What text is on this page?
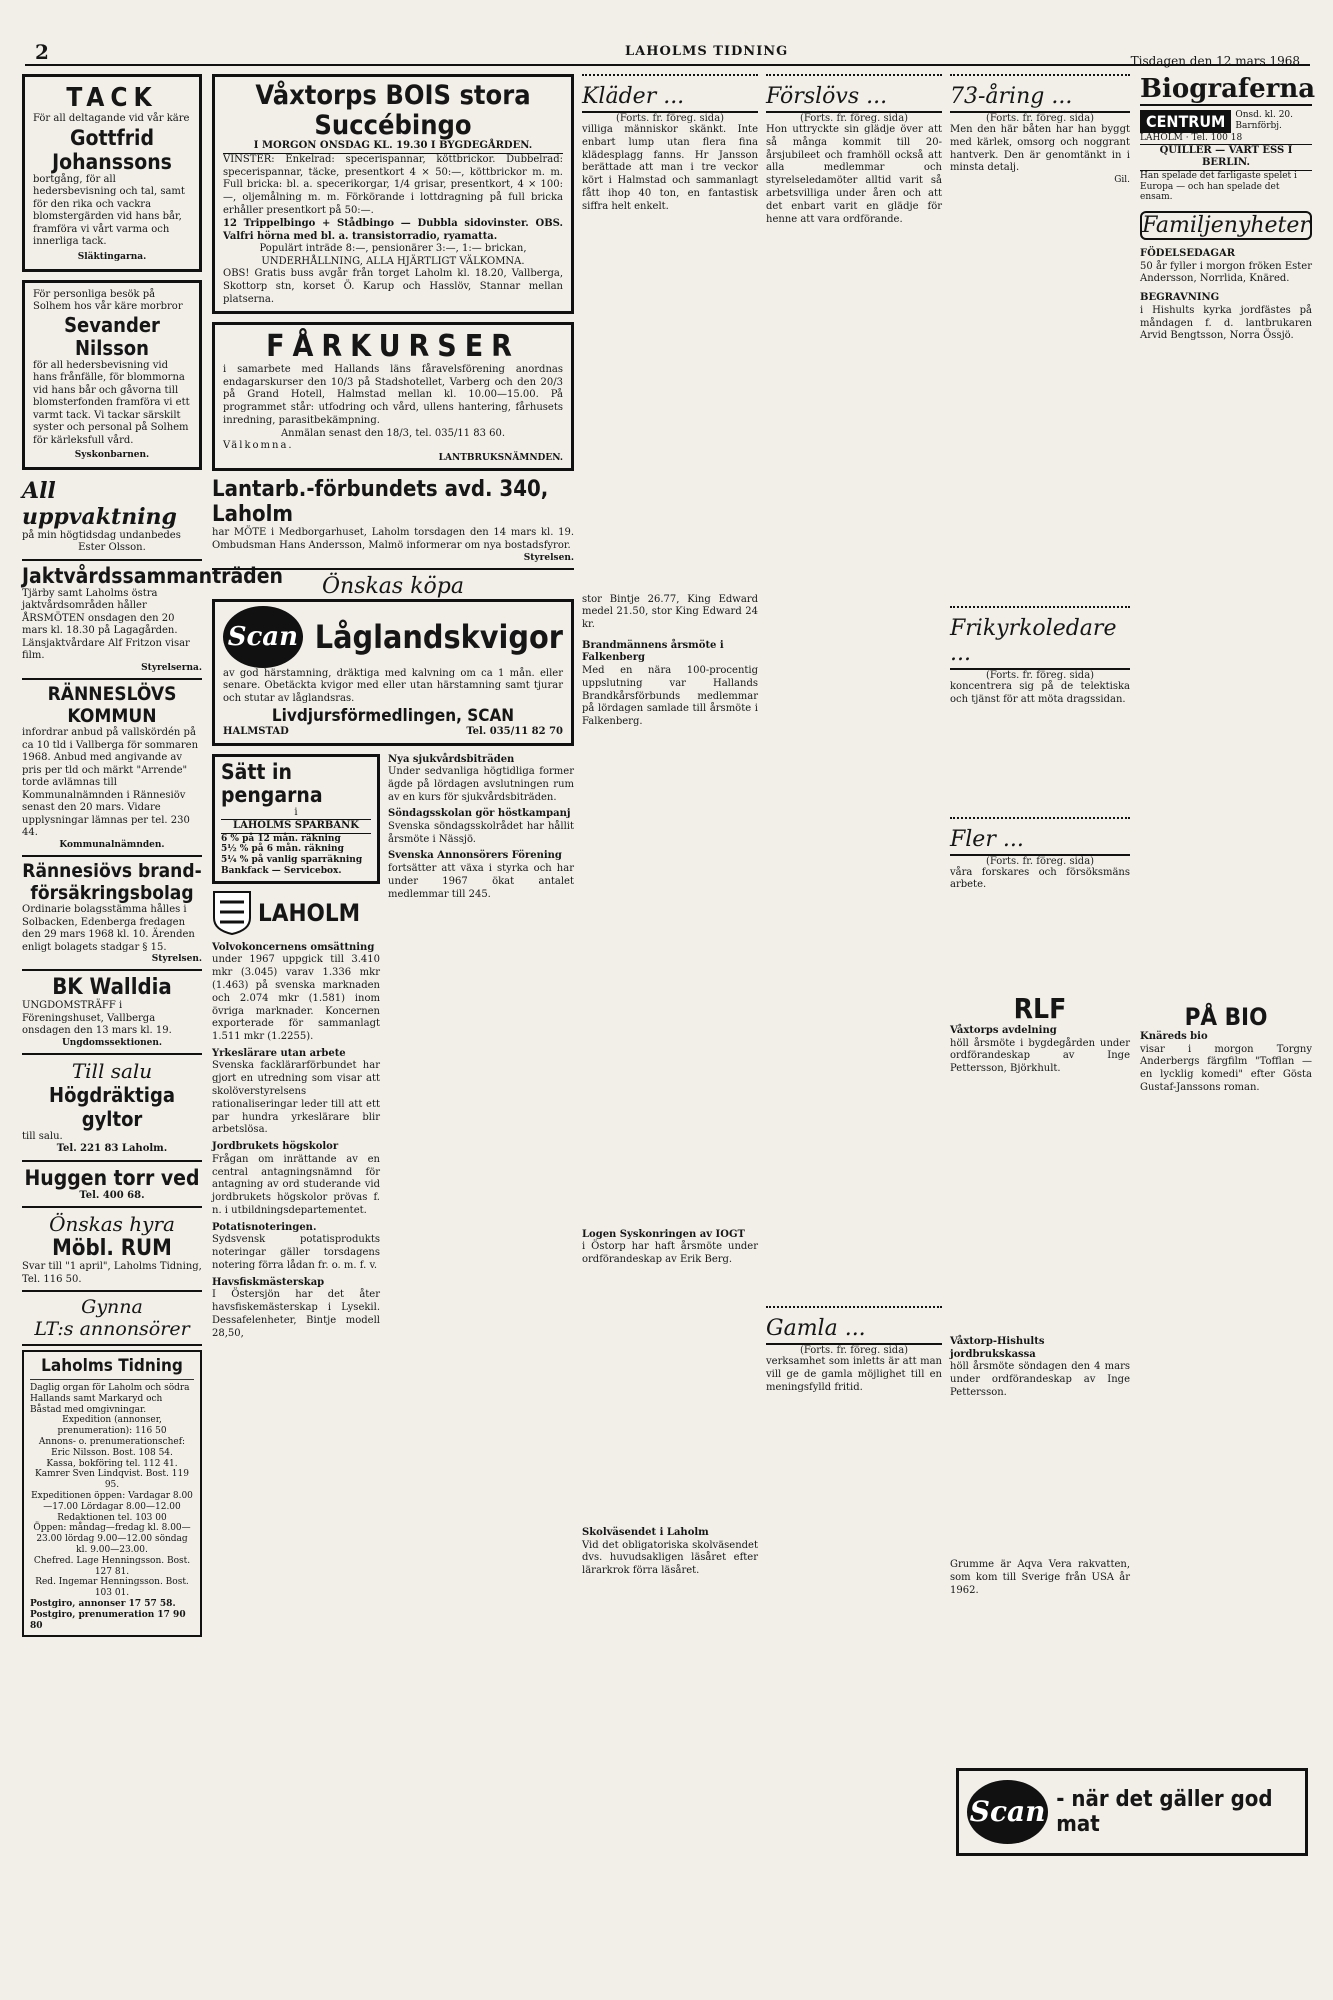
2	LAHOLMS TIDNING
Tisdagen den 12 mars 1968
TACK
För all deltagande vid vår käre
Gottfrid Johanssons
bortgång, för all hedersbevisning och tal, samt för den rika och vackra blomstergärden vid hans bår, framföra vi vårt varma och innerliga tack.
Släktingarna.
För personliga besök på Solhem hos vår käre morbror
Sevander Nilsson
för all hedersbevisning vid hans frånfälle, för blommorna vid hans bår och gåvorna till blomsterfonden framföra vi ett varmt tack. Vi tackar särskilt syster och personal på Solhem för kärleksfull vård.
Syskonbarnen.
All uppvaktning
på min högtidsdag undanbedes
Ester Olsson.
Jaktvårdssammanträden
Tjärby samt Laholms östra jaktvårdsområden håller ÅRSMÖTEN onsdagen den 20 mars kl. 18.30 på Lagagården. Länsjaktvårdare Alf Fritzon visar film.
Styrelserna.
RÄNNESLÖVS KOMMUN
infordrar anbud på vallskördén på ca 10 tld i Vallberga för sommaren 1968. Anbud med angivande av pris per tld och märkt "Arrende" torde avlämnas till Kommunalnämnden i Rännesiöv senast den 20 mars. Vidare upplysningar lämnas per tel. 230 44.
Kommunalnämnden.
Rännesiövs brand-försäkringsbolag
Ordinarie bolagsstämma hålles i Solbacken, Edenberga fredagen den 29 mars 1968 kl. 10. Ärenden enligt bolagets stadgar § 15.
Styrelsen.
BK Walldia
UNGDOMSTRÄFF i Föreningshuset, Vallberga onsdagen den 13 mars kl. 19.
Ungdomssektionen.
Till salu
Högdräktiga gyltor
till salu.
Tel. 221 83 Laholm.
Huggen torr ved
Tel. 400 68.
Önskas hyra
Möbl. RUM
Svar till "1 april", Laholms Tidning, Tel. 116 50.
Gynna
LT:s annonsörer
Laholms Tidning
Daglig organ för Laholm och södra Hallands samt Markaryd och Båstad med omgivningar.
Expedition (annonser, prenumeration): 116 50
Annons- o. prenumerationschef: Eric Nilsson. Bost. 108 54.
Kassa, bokföring tel. 112 41.
Kamrer Sven Lindqvist. Bost. 119 95.
Expeditionen öppen: Vardagar 8.00—17.00 Lördagar 8.00—12.00
Redaktionen tel. 103 00
Öppen: måndag—fredag kl. 8.00—23.00 lördag 9.00—12.00 söndag kl. 9.00—23.00.
Chefred. Lage Henningsson. Bost. 127 81.
Red. Ingemar Henningsson. Bost. 103 01.
Postgiro, annonser 17 57 58. Postgiro, prenumeration 17 90 80
Våxtorps BOIS stora Succébingo
I MORGON ONSDAG KL. 19.30 I BYGDEGÅRDEN.
VINSTER: Enkelrad: specerispannar, köttbrickor. Dubbelrad: specerispannar, täcke, presentkort 4 × 50:—, köttbrickor m. m. Full bricka: bl. a. specerikorgar, 1/4 grisar, presentkort, 4 × 100:—, oljemålning m. m. Förkörande i lottdragning på full bricka erhåller presentkort på 50:—.
12 Trippelbingo + Stådbingo — Dubbla sidovinster. OBS. Valfri hörna med bl. a. transistorradio, ryamatta.
Populärt inträde 8:—, pensionärer 3:—, 1:— brickan, UNDERHÅLLNING, ALLA HJÄRTLIGT VÄLKOMNA.
OBS! Gratis buss avgår från torget Laholm kl. 18.20, Vallberga, Skottorp stn, korset Ö. Karup och Hasslöv, Stannar mellan platserna.
FÅRKURSER
i samarbete med Hallands läns fåravelsförening anordnas endagarskurser den 10/3 på Stadshotellet, Varberg och den 20/3 på Grand Hotell, Halmstad mellan kl. 10.00—15.00. På programmet står: utfodring och vård, ullens hantering, fårhusets inredning, parasitbekämpning.
Anmälan senast den 18/3, tel. 035/11 83 60.
Välkomna.
LANTBRUKSNÄMNDEN.
Lantarb.-förbundets avd. 340, Laholm
har MÖTE i Medborgarhuset, Laholm torsdagen den 14 mars kl. 19. Ombudsman Hans Andersson, Malmö informerar om nya bostadsfyror.
Styrelsen.
Önskas köpa
Scan Låglandskvigor
av god härstamning, dräktiga med kalvning om ca 1 mån. eller senare. Obetäckta kvigor med eller utan härstamning samt tjurar och stutar av låglandsras.
Livdjursförmedlingen, SCAN
HALMSTAD	Tel. 035/11 82 70
Sätt in pengarna
i
LAHOLMS SPARBANK
6 % på 12 mån. räkning
5½ % på 6 mån. räkning
5¼ % på vanlig sparräkning
Bankfack — Servicebox.
LAHOLM
Volvokoncernens omsättning
under 1967 uppgick till 3.410 mkr (3.045) varav 1.336 mkr (1.463) på svenska marknaden och 2.074 mkr (1.581) inom övriga marknader. Koncernen exporterade för sammanlagt 1.511 mkr (1.2255).
Yrkeslärare utan arbete
Svenska facklärarförbundet har gjort en utredning som visar att skolöverstyrelsens rationaliseringar leder till att ett par hundra yrkeslärare blir arbetslösa.
Jordbrukets högskolor
Frågan om inrättande av en central antagningsnämnd för antagning av ord studerande vid jordbrukets högskolor prövas f. n. i utbildningsdepartementet.
Potatisnoteringen.
Sydsvensk potatisprodukts noteringar gäller torsdagens notering förra lådan fr. o. m. f. v.
Havsfiskmästerskap
I Östersjön har det åter havsfiskemästerskap i Lysekil. Dessafelenheter, Bintje modell 28,50,
Nya sjukvårdsbiträden
Under sedvanliga högtidliga former ägde på lördagen avslutningen rum av en kurs för sjukvårdsbiträden.
Söndagsskolan gör höstkampanj
Svenska söndagsskolrådet har hållit årsmöte i Nässjö.
Svenska Annonsörers Förening
fortsätter att växa i styrka och har under 1967 ökat antalet medlemmar till 245.
Kläder ...
(Forts. fr. föreg. sida)
villiga människor skänkt. Inte enbart lump utan flera fina klädesplagg fanns. Hr Jansson berättade att man i tre veckor kört i Halmstad och sammanlagt fått ihop 40 ton, en fantastisk siffra helt enkelt.
stor Bintje 26.77, King Edward medel 21.50, stor King Edward 24 kr.
Brandmännens årsmöte i Falkenberg
Med en nära 100-procentig uppslutning var Hallands Brandkårsförbunds medlemmar på lördagen samlade till årsmöte i Falkenberg.
Logen Syskonringen av IOGT
i Östorp har haft årsmöte under ordförandeskap av Erik Berg.
Skolväsendet i Laholm
Vid det obligatoriska skolväsendet dvs. huvudsakligen läsåret efter lärarkrok förra läsåret.
Förslövs ...
(Forts. fr. föreg. sida)
Hon uttryckte sin glädje över att så många kommit till 20-årsjubileet och framhöll också att alla medlemmar och styrelseledamöter alltid varit så arbetsvilliga under åren och att det enbart varit en glädje för henne att vara ordförande.
Gamla ...
(Forts. fr. föreg. sida)
verksamhet som inletts är att man vill ge de gamla möjlighet till en meningsfylld fritid.
73-åring ...
(Forts. fr. föreg. sida)
Men den här båten har han byggt med kärlek, omsorg och noggrant hantverk. Den är genomtänkt in i minsta detalj.
Gil.
Frikyrkoledare ...
(Forts. fr. föreg. sida)
koncentrera sig på de telektiska och tjänst för att möta dragssidan.
Fler ...
(Forts. fr. föreg. sida)
våra forskares och försöksmäns arbete.
RLF
Våxtorps avdelning
höll årsmöte i bygdegården under ordförandeskap av Inge Pettersson, Björkhult.
Våxtorp-Hishults jordbrukskassa
höll årsmöte söndagen den 4 mars under ordförandeskap av Inge Pettersson.
Grumme är Aqva Vera rakvatten, som kom till Sverige från USA år 1962.
Biograferna
CENTRUM	Onsd. kl. 20. Barnförbj.
LAHOLM · Tel. 100 18
QUILLER — VART ESS I BERLIN.
Han spelade det farligaste spelet i Europa — och han spelade det ensam.
Familjenyheter
FÖDELSEDAGAR
50 år fyller i morgon fröken Ester Andersson, Norrlida, Knäred.
BEGRAVNING
i Hishults kyrka jordfästes på måndagen f. d. lantbrukaren Arvid Bengtsson, Norra Össjö.
PÅ BIO
Knäreds bio
visar i morgon Torgny Anderbergs färgfilm "Tofflan — en lycklig komedi" efter Gösta Gustaf-Janssons roman.
Scan - när det gäller god mat
